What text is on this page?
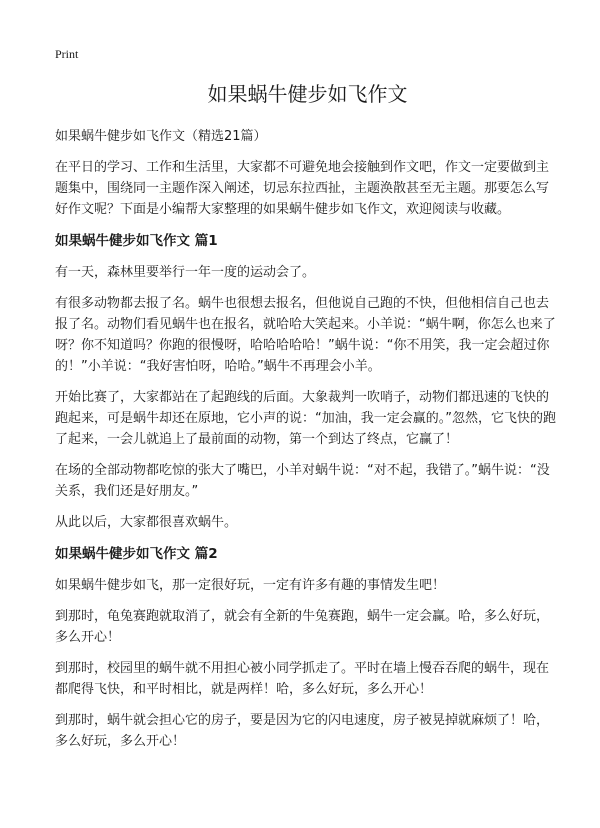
Print
如果蜗牛健步如飞作文

如果蜗牛健步如飞作文（精选21篇）

在平日的学习、工作和生活里，大家都不可避免地会接触到作文吧，作文一定要做到主题集中，围绕同一主题作深入阐述，切忌东拉西扯，主题涣散甚至无主题。那要怎么写好作文呢？下面是小编帮大家整理的如果蜗牛健步如飞作文，欢迎阅读与收藏。

如果蜗牛健步如飞作文 篇1

有一天，森林里要举行一年一度的运动会了。

有很多动物都去报了名。蜗牛也很想去报名，但他说自己跑的不快，但他相信自己也去报了名。动物们看见蜗牛也在报名，就哈哈大笑起来。小羊说：“蜗牛啊，你怎么也来了呀？你不知道吗？你跑的很慢呀，哈哈哈哈哈！”蜗牛说：“你不用笑，我一定会超过你的！”小羊说：“我好害怕呀，哈哈。”蜗牛不再理会小羊。

开始比赛了，大家都站在了起跑线的后面。大象裁判一吹哨子，动物们都迅速的飞快的跑起来，可是蜗牛却还在原地，它小声的说：“加油，我一定会赢的。”忽然，它飞快的跑了起来，一会儿就追上了最前面的动物，第一个到达了终点，它赢了！

在场的全部动物都吃惊的张大了嘴巴，小羊对蜗牛说：“对不起，我错了。”蜗牛说：“没关系，我们还是好朋友。”

从此以后，大家都很喜欢蜗牛。

如果蜗牛健步如飞作文 篇2

如果蜗牛健步如飞，那一定很好玩，一定有许多有趣的事情发生吧！

到那时，龟兔赛跑就取消了，就会有全新的牛兔赛跑，蜗牛一定会赢。哈，多么好玩，多么开心！

到那时，校园里的蜗牛就不用担心被小同学抓走了。平时在墙上慢吞吞爬的蜗牛，现在都爬得飞快，和平时相比，就是两样！哈，多么好玩，多么开心！

到那时，蜗牛就会担心它的房子，要是因为它的闪电速度，房子被晃掉就麻烦了！哈，多么好玩，多么开心！
